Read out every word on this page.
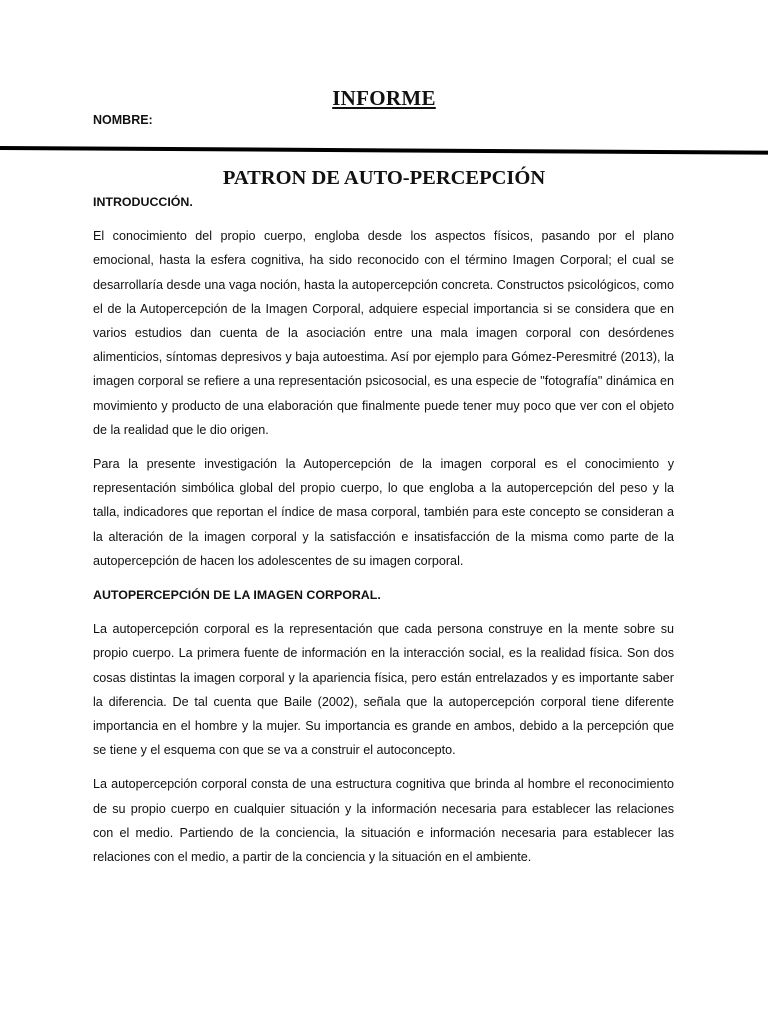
INFORME
NOMBRE:
PATRON DE AUTO-PERCEPCIÓN

INTRODUCCIÓN.

El conocimiento del propio cuerpo, engloba desde los aspectos físicos, pasando por el plano emocional, hasta la esfera cognitiva, ha sido reconocido con el término Imagen Corporal; el cual se desarrollaría desde una vaga noción, hasta la autopercepción concreta. Constructos psicológicos, como el de la Autopercepción de la Imagen Corporal, adquiere especial importancia si se considera que en varios estudios dan cuenta de la asociación entre una mala imagen corporal con desórdenes alimenticios, síntomas depresivos y baja autoestima. Así por ejemplo para Gómez-Peresmitré (2013), la imagen corporal se refiere a una representación psicosocial, es una especie de "fotografía" dinámica en movimiento y producto de una elaboración que finalmente puede tener muy poco que ver con el objeto de la realidad que le dio origen.

Para la presente investigación la Autopercepción de la imagen corporal es el conocimiento y representación simbólica global del propio cuerpo, lo que engloba a la autopercepción del peso y la talla, indicadores que reportan el índice de masa corporal, también para este concepto se consideran a la alteración de la imagen corporal y la satisfacción e insatisfacción de la misma como parte de la autopercepción de hacen los adolescentes de su imagen corporal.

AUTOPERCEPCIÓN DE LA IMAGEN CORPORAL.

La autopercepción corporal es la representación que cada persona construye en la mente sobre su propio cuerpo. La primera fuente de información en la interacción social, es la realidad física. Son dos cosas distintas la imagen corporal y la apariencia física, pero están entrelazados y es importante saber la diferencia. De tal cuenta que Baile (2002), señala que la autopercepción corporal tiene diferente importancia en el hombre y la mujer. Su importancia es grande en ambos, debido a la percepción que se tiene y el esquema con que se va a construir el autoconcepto.

La autopercepción corporal consta de una estructura cognitiva que brinda al hombre el reconocimiento de su propio cuerpo en cualquier situación y la información necesaria para establecer las relaciones con el medio. Partiendo de la conciencia, la situación e información necesaria para establecer las relaciones con el medio, a partir de la conciencia y la situación en el ambiente.
